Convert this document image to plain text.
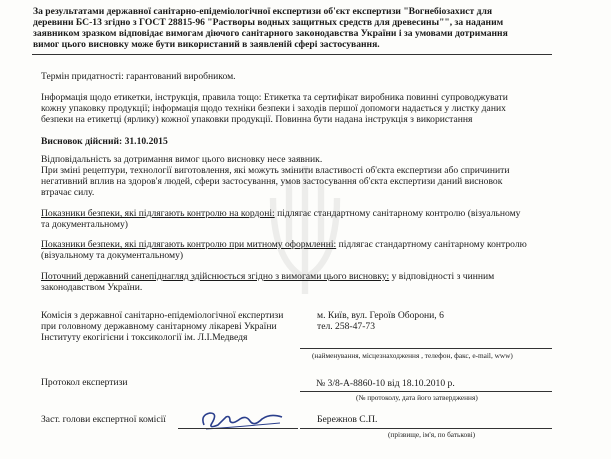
За результатами державної санітарно-епідеміологічної експертизи об'єкт експертизи "Вогнебіозахист для
деревини БС-13 згідно з ГОСТ 28815-96 "Растворы водных защитных средств для древесины"", за наданим
заявником зразком відповідає вимогам діючого санітарного законодавства України і за умовами дотримання
вимог цього висновку може бути використаний в заявленій сфері застосування.
Термін придатності: гарантований виробником.
Інформація щодо етикетки, інструкція, правила тощо: Етикетка та сертифікат виробника повинні супроводжувати
кожну упаковку продукції; інформація щодо техніки безпеки і заходів першої допомоги надається у листку даних
безпеки на етикетці (ярлику) кожної упаковки продукції. Повинна бути надана інструкція з використання
Висновок дійсний: 31.10.2015
Відповідальність за дотримання вимог цього висновку несе заявник.
При зміні рецептури, технології виготовлення, які можуть змінити властивості об'єкта експертизи або спричинити
негативний вплив на здоров'я людей, сфери застосування, умов застосування об'єкта експертизи даний висновок
втрачає силу.
Показники безпеки, які підлягають контролю на кордоні: підлягає стандартному санітарному контролю (візуальному
та документальному)
Показники безпеки, які підлягають контролю при митному оформленні: підлягає стандартному санітарному контролю
(візуальному та документальному)
Поточний державний санепіднагляд здійснюється згідно з вимогами цього висновку: у відповідності з чинним
законодавством України.
Комісія з державної санітарно-епідеміологічної експертизи
при головному державному санітарному лікареві України
Інституту екогігієни і токсикології ім. Л.І.Медведя
м. Київ, вул. Героїв Оборони, 6
тел. 258-47-73
(найменування, місцезнаходження , телефон, факс, e-mail, www)
Протокол експертизи	№ 3/8-А-8860-10 від 18.10.2010 р.
(№ протоколу, дата його затвердження)
Заст. голови експертної комісії	Бережнов С.П.
(прізвище, ім'я, по батькові)
